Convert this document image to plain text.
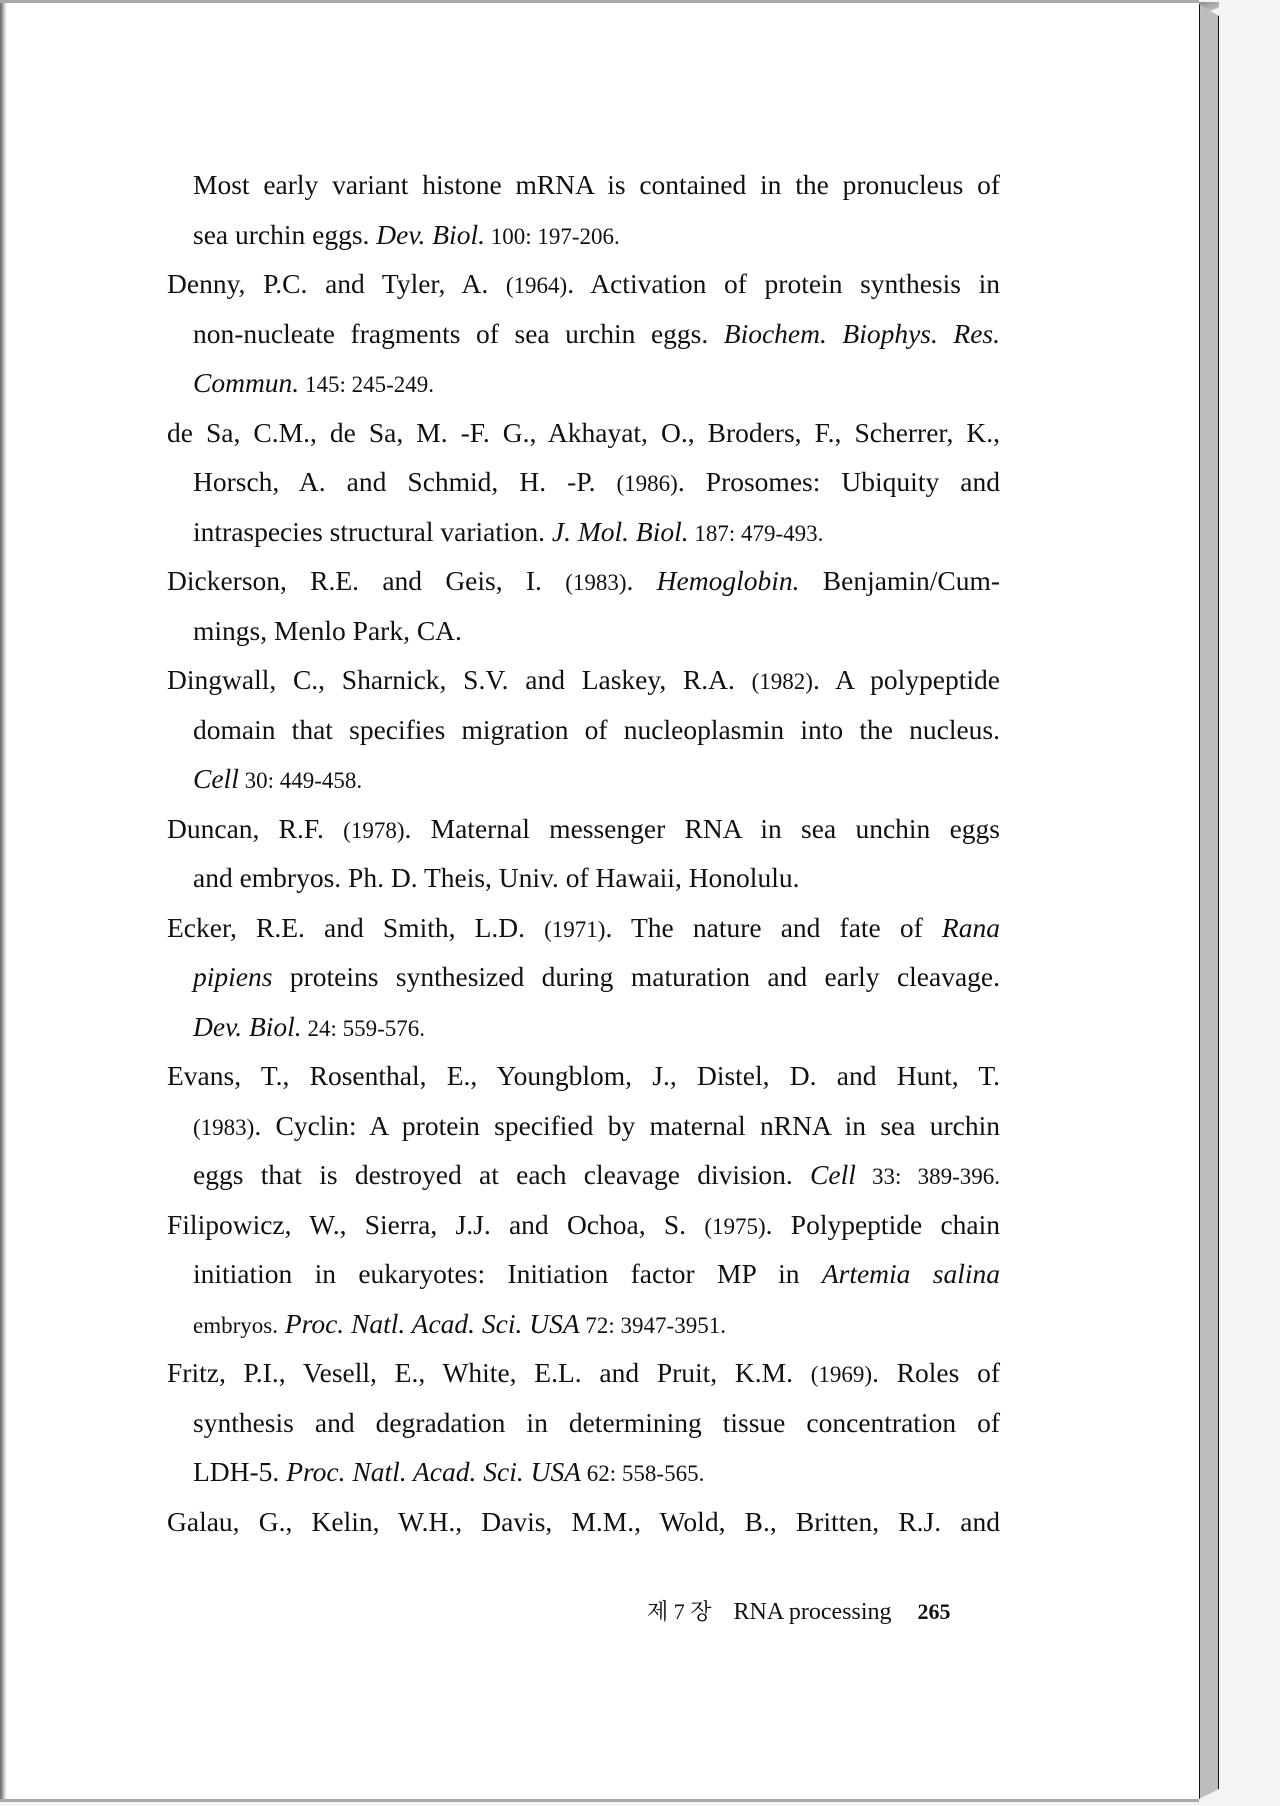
Most early variant histone mRNA is contained in the pronucleus of
sea urchin eggs. Dev. Biol. 100: 197-206.
Denny, P.C. and Tyler, A. (1964). Activation of protein synthesis in
non-nucleate fragments of sea urchin eggs. Biochem. Biophys. Res.
Commun. 145: 245-249.
de Sa, C.M., de Sa, M. -F. G., Akhayat, O., Broders, F., Scherrer, K.,
Horsch, A. and Schmid, H. -P. (1986). Prosomes: Ubiquity and
intraspecies structural variation. J. Mol. Biol. 187: 479-493.
Dickerson, R.E. and Geis, I. (1983). Hemoglobin. Benjamin/Cum-
mings, Menlo Park, CA.
Dingwall, C., Sharnick, S.V. and Laskey, R.A. (1982). A polypeptide
domain that specifies migration of nucleoplasmin into the nucleus.
Cell 30: 449-458.
Duncan, R.F. (1978). Maternal messenger RNA in sea unchin eggs
and embryos. Ph. D. Theis, Univ. of Hawaii, Honolulu.
Ecker, R.E. and Smith, L.D. (1971). The nature and fate of Rana
pipiens proteins synthesized during maturation and early cleavage.
Dev. Biol. 24: 559-576.
Evans, T., Rosenthal, E., Youngblom, J., Distel, D. and Hunt, T.
(1983). Cyclin: A protein specified by maternal nRNA in sea urchin
eggs that is destroyed at each cleavage division. Cell 33: 389-396.
Filipowicz, W., Sierra, J.J. and Ochoa, S. (1975). Polypeptide chain
initiation in eukaryotes: Initiation factor MP in Artemia salina
embryos. Proc. Natl. Acad. Sci. USA 72: 3947-3951.
Fritz, P.I., Vesell, E., White, E.L. and Pruit, K.M. (1969). Roles of
synthesis and degradation in determining tissue concentration of
LDH-5. Proc. Natl. Acad. Sci. USA 62: 558-565.
Galau, G., Kelin, W.H., Davis, M.M., Wold, B., Britten, R.J. and
제 7 장 RNA processing 265
